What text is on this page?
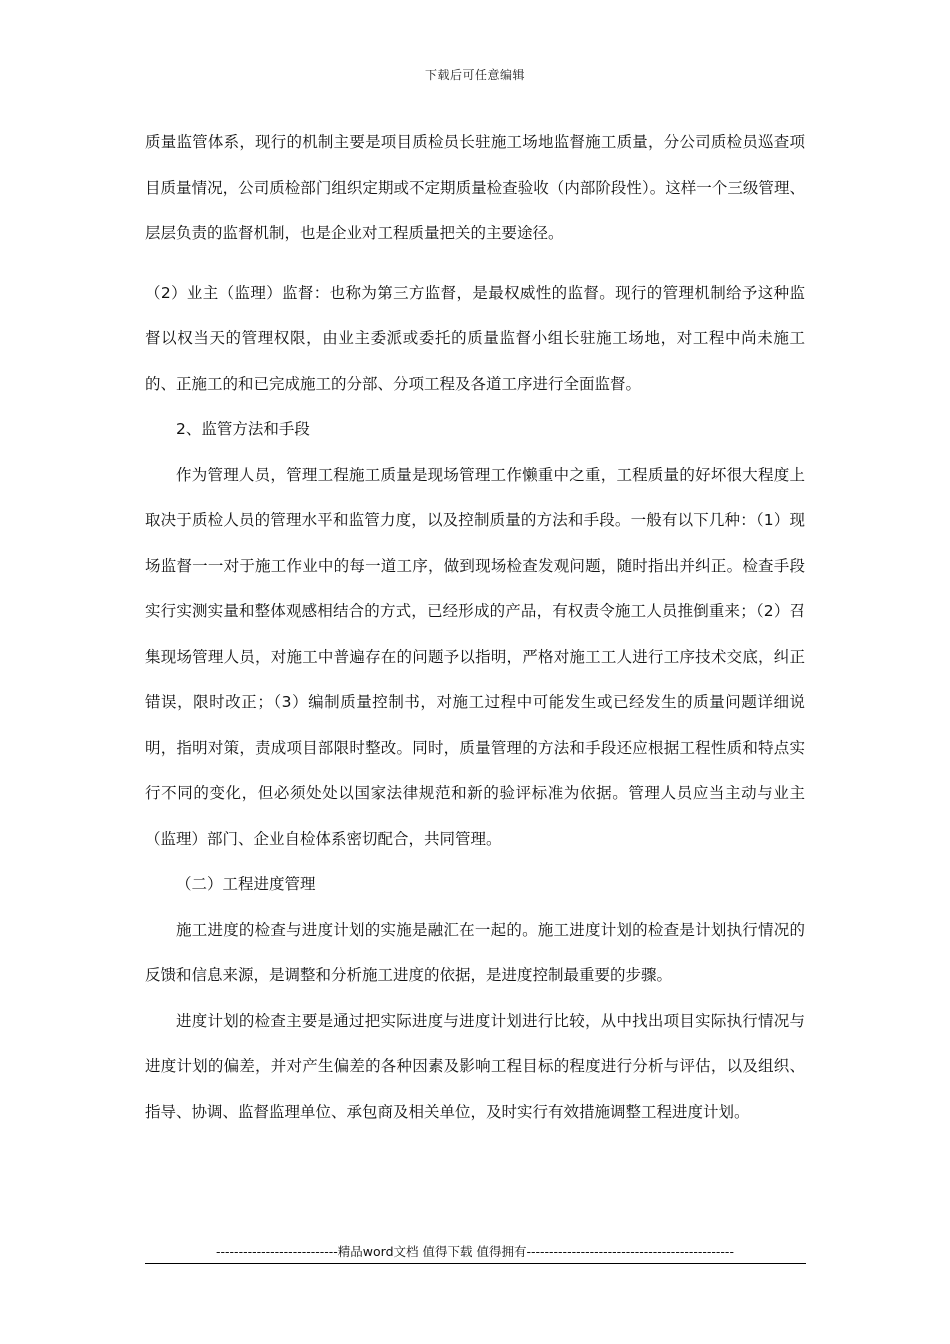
下载后可任意编辑

质量监管体系，现行的机制主要是项目质检员长驻施工场地监督施工质量，分公司质检员巡查项目质量情况，公司质检部门组织定期或不定期质量检查验收（内部阶段性）。这样一个三级管理、层层负责的监督机制，也是企业对工程质量把关的主要途径。

（2）业主（监理）监督：也称为第三方监督，是最权威性的监督。现行的管理机制给予这种监督以权当天的管理权限，由业主委派或委托的质量监督小组长驻施工场地，对工程中尚未施工的、正施工的和已完成施工的分部、分项工程及各道工序进行全面监督。

2、监管方法和手段

作为管理人员，管理工程施工质量是现场管理工作懒重中之重，工程质量的好坏很大程度上取决于质检人员的管理水平和监管力度，以及控制质量的方法和手段。一般有以下几种：（1）现场监督一一对于施工作业中的每一道工序，做到现场检查发观问题，随时指出并纠正。检查手段实行实测实量和整体观感相结合的方式，已经形成的产品，有权责令施工人员推倒重来；（2）召集现场管理人员，对施工中普遍存在的问题予以指明，严格对施工工人进行工序技术交底，纠正错误，限时改正；（3）编制质量控制书，对施工过程中可能发生或已经发生的质量问题详细说明，指明对策，责成项目部限时整改。同时，质量管理的方法和手段还应根据工程性质和特点实行不同的变化，但必须处处以国家法律规范和新的验评标准为依据。管理人员应当主动与业主（监理）部门、企业自检体系密切配合，共同管理。

（二）工程进度管理

施工进度的检查与进度计划的实施是融汇在一起的。施工进度计划的检查是计划执行情况的反馈和信息来源，是调整和分析施工进度的依据，是进度控制最重要的步骤。

进度计划的检查主要是通过把实际进度与进度计划进行比较，从中找出项目实际执行情况与进度计划的偏差，并对产生偏差的各种因素及影响工程目标的程度进行分析与评估，以及组织、指导、协调、监督监理单位、承包商及相关单位，及时实行有效措施调整工程进度计划。

---------------------------精品word文档 值得下载 值得拥有----------------------------------------------
